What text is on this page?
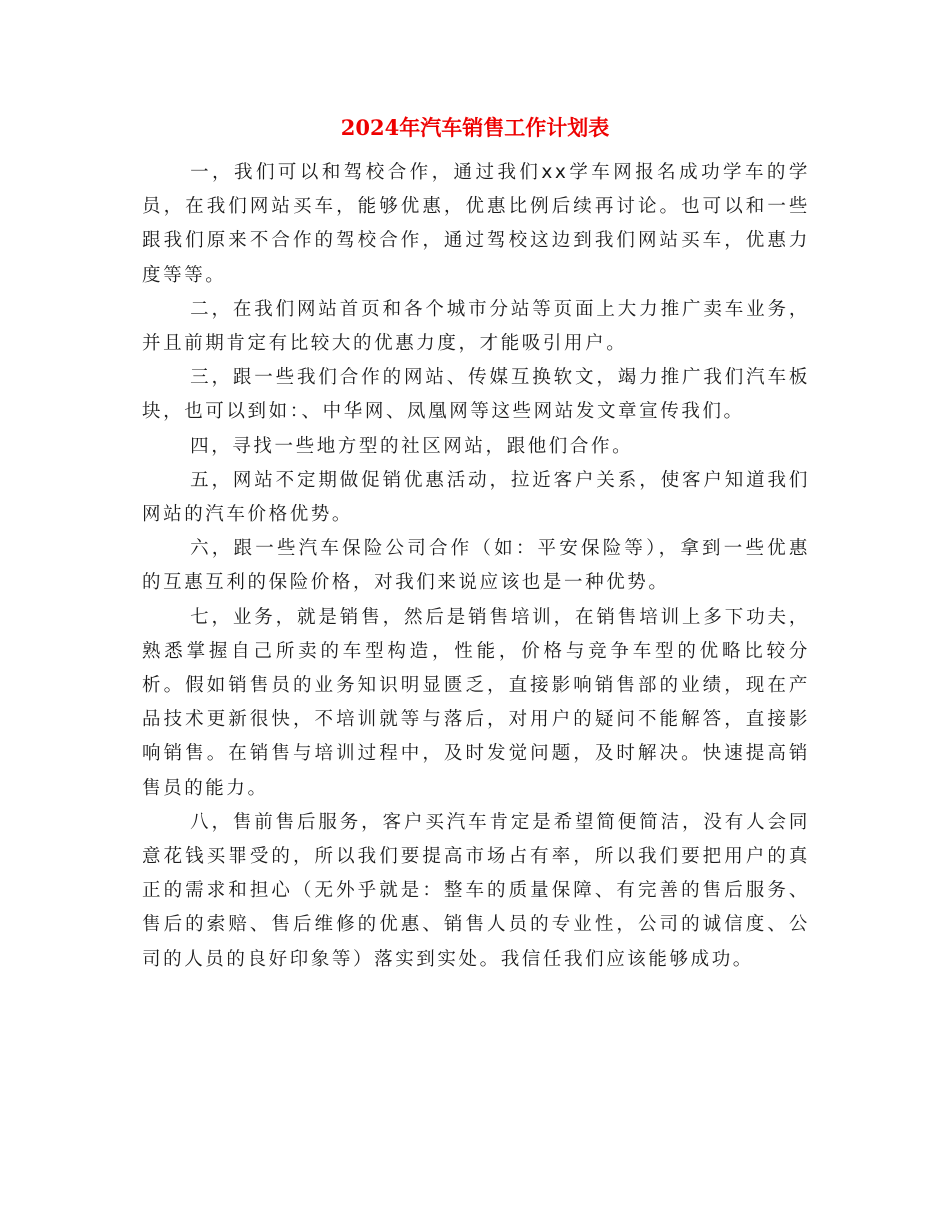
2024年汽车销售工作计划表

一，我们可以和驾校合作，通过我们xx学车网报名成功学车的学员，在我们网站买车，能够优惠，优惠比例后续再讨论。也可以和一些跟我们原来不合作的驾校合作，通过驾校这边到我们网站买车，优惠力度等等。

二，在我们网站首页和各个城市分站等页面上大力推广卖车业务，并且前期肯定有比较大的优惠力度，才能吸引用户。

三，跟一些我们合作的网站、传媒互换软文，竭力推广我们汽车板块，也可以到如：、中华网、凤凰网等这些网站发文章宣传我们。

四，寻找一些地方型的社区网站，跟他们合作。

五，网站不定期做促销优惠活动，拉近客户关系，使客户知道我们网站的汽车价格优势。

六，跟一些汽车保险公司合作（如：平安保险等），拿到一些优惠的互惠互利的保险价格，对我们来说应该也是一种优势。

七，业务，就是销售，然后是销售培训，在销售培训上多下功夫，熟悉掌握自己所卖的车型构造，性能，价格与竞争车型的优略比较分析。假如销售员的业务知识明显匮乏，直接影响销售部的业绩，现在产品技术更新很快，不培训就等与落后，对用户的疑问不能解答，直接影响销售。在销售与培训过程中，及时发觉问题，及时解决。快速提高销售员的能力。

八，售前售后服务，客户买汽车肯定是希望简便简洁，没有人会同意花钱买罪受的，所以我们要提高市场占有率，所以我们要把用户的真正的需求和担心（无外乎就是：整车的质量保障、有完善的售后服务、售后的索赔、售后维修的优惠、销售人员的专业性，公司的诚信度、公司的人员的良好印象等）落实到实处。我信任我们应该能够成功。
